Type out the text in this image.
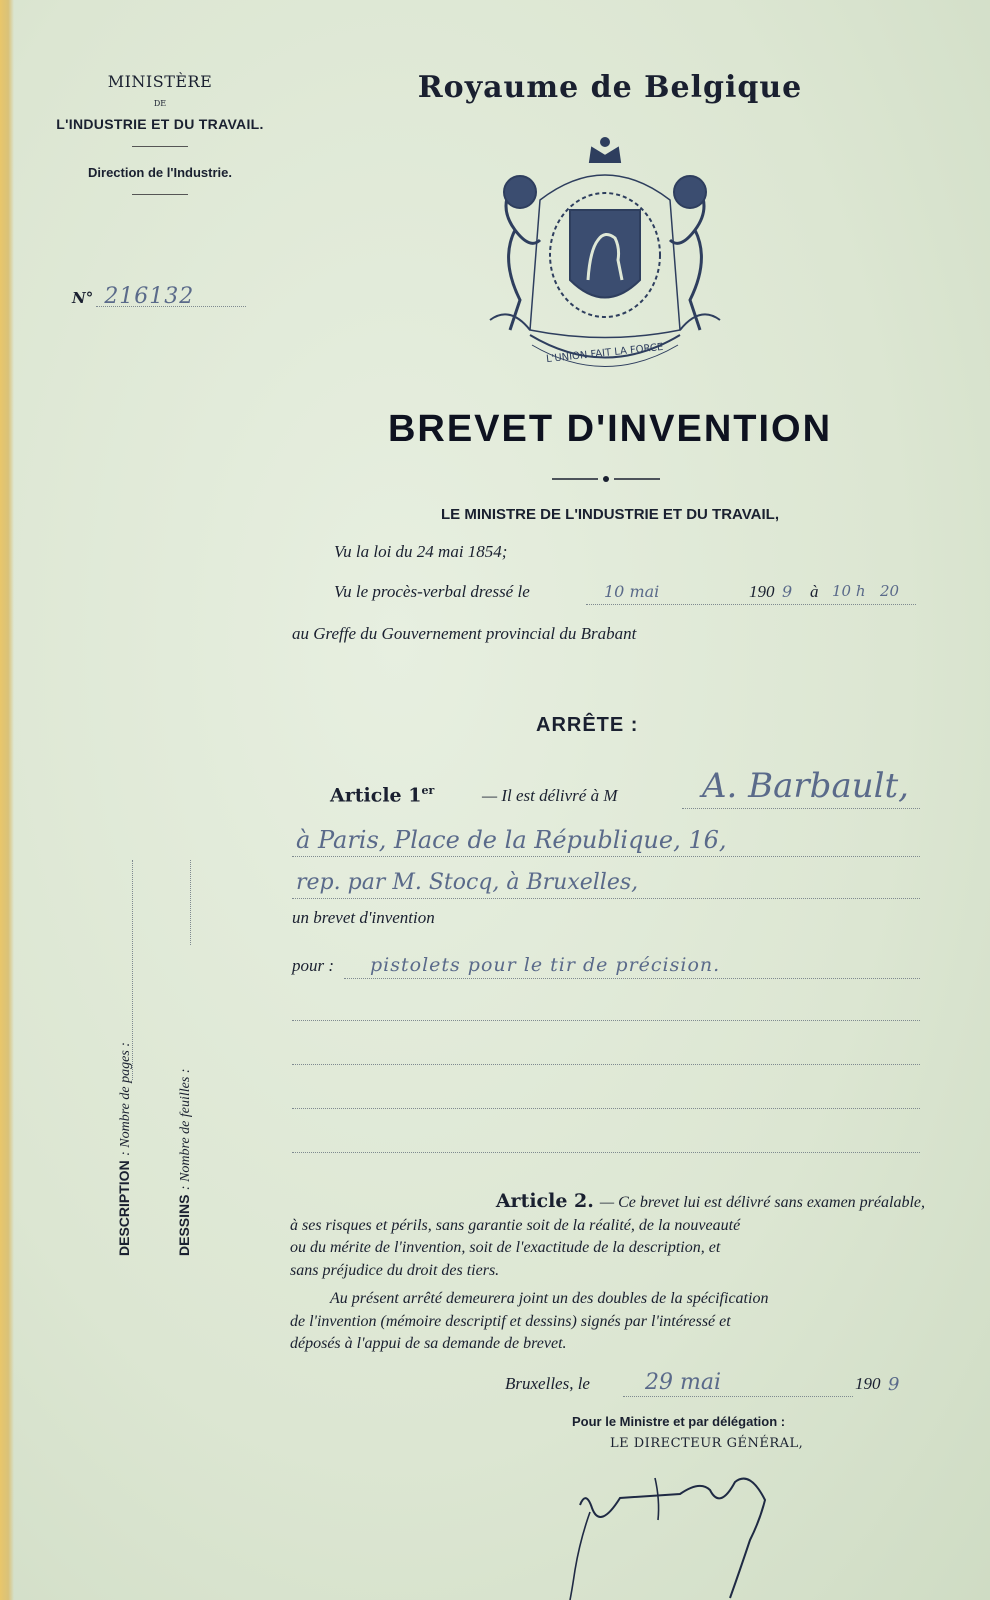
MINISTÈRE
DE
L'INDUSTRIE ET DU TRAVAIL.
Direction de l'Industrie.
N° 216132
Royaume de Belgique
L'UNION FAIT LA FORCE
BREVET D'INVENTION
LE MINISTRE DE L'INDUSTRIE ET DU TRAVAIL,
Vu la loi du 24 mai 1854;
Vu le procès-verbal dressé le	10 mai	190 9 à 10 h 20
au Greffe du Gouvernement provincial du Brabant
ARRÊTE :
Article 1er	— Il est délivré à M A. Barbault,
à Paris, Place de la République, 16,
rep. par M. Stocq, à Bruxelles,
un brevet d'invention
pour : pistolets pour le tir de précision.
Article 2. — Ce brevet lui est délivré sans examen préalable,
à ses risques et périls, sans garantie soit de la réalité, de la nouveauté
ou du mérite de l'invention, soit de l'exactitude de la description, et
sans préjudice du droit des tiers.
Au présent arrêté demeurera joint un des doubles de la spécification
de l'invention (mémoire descriptif et dessins) signés par l'intéressé et
déposés à l'appui de sa demande de brevet.
Bruxelles, le	29 mai	190 9
Pour le Ministre et par délégation :
LE DIRECTEUR GÉNÉRAL,
DESCRIPTION : Nombre de pages :
DESSINS : Nombre de feuilles :
